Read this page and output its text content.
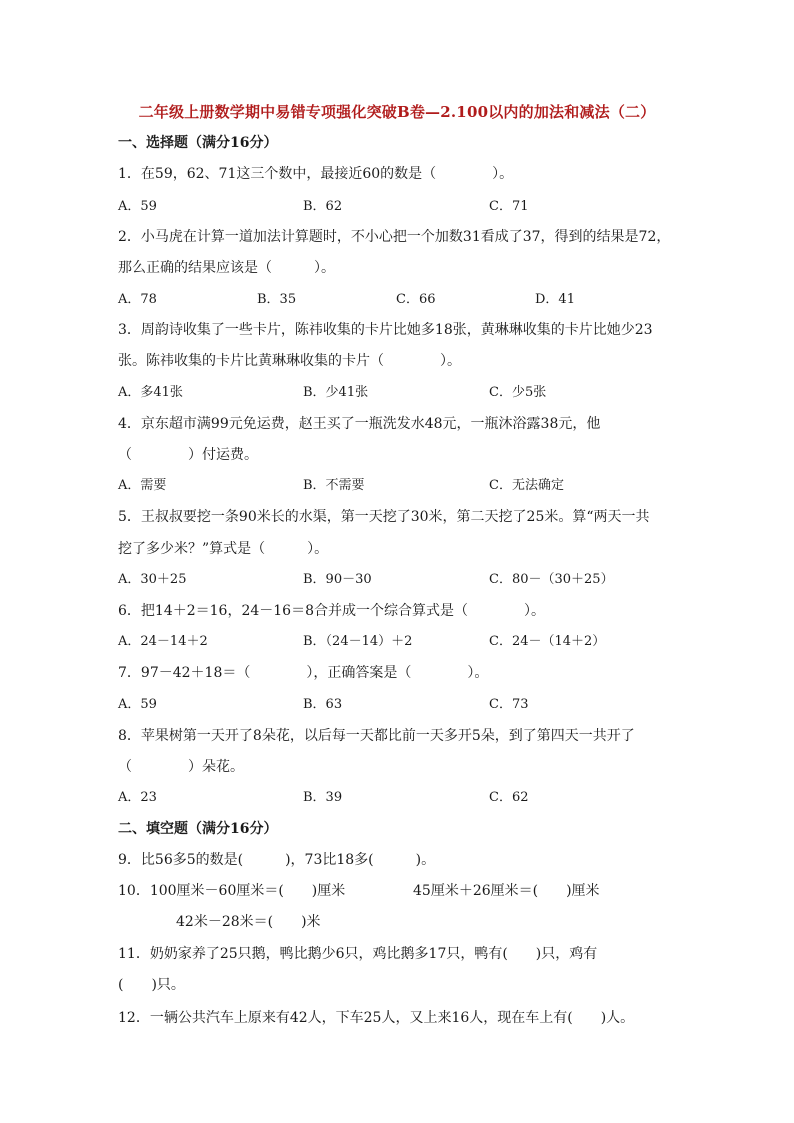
二年级上册数学期中易错专项强化突破B卷—2.100以内的加法和减法（二）
一、选择题（满分16分）
1．在59，62、71这三个数中，最接近60的数是（　　　　）。
A．59	B．62	C．71
2．小马虎在计算一道加法计算题时，不小心把一个加数31看成了37，得到的结果是72，
那么正确的结果应该是（　　　）。
A．78	B．35	C．66	D．41
3．周韵诗收集了一些卡片，陈祎收集的卡片比她多18张，黄琳琳收集的卡片比她少23
张。陈祎收集的卡片比黄琳琳收集的卡片（　　　　）。
A．多41张	B．少41张	C．少5张
4．京东超市满99元免运费，赵王买了一瓶洗发水48元，一瓶沐浴露38元，他
（　　　　）付运费。
A．需要	B．不需要	C．无法确定
5．王叔叔要挖一条90米长的水渠，第一天挖了30米，第二天挖了25米。算“两天一共
挖了多少米？”算式是（　　　）。
A．30＋25	B．90－30	C．80－（30＋25）
6．把14＋2＝16，24－16＝8合并成一个综合算式是（　　　　）。
A．24－14＋2	B．（24－14）＋2	C．24－（14＋2）
7．97－42＋18＝（　　　　），正确答案是（　　　　）。
A．59	B．63	C．73
8．苹果树第一天开了8朵花，以后每一天都比前一天多开5朵，到了第四天一共开了
（　　　　）朵花。
A．23	B．39	C．62
二、填空题（满分16分）
9．比56多5的数是(　　　)，73比18多(　　　)。
10．100厘米－60厘米＝(　　)厘米	45厘米＋26厘米＝(　　)厘米
42米－28米＝(　　)米
11．奶奶家养了25只鹅，鸭比鹅少6只，鸡比鹅多17只，鸭有(　　)只，鸡有
(　　)只。
12．一辆公共汽车上原来有42人，下车25人，又上来16人，现在车上有(　　)人。
